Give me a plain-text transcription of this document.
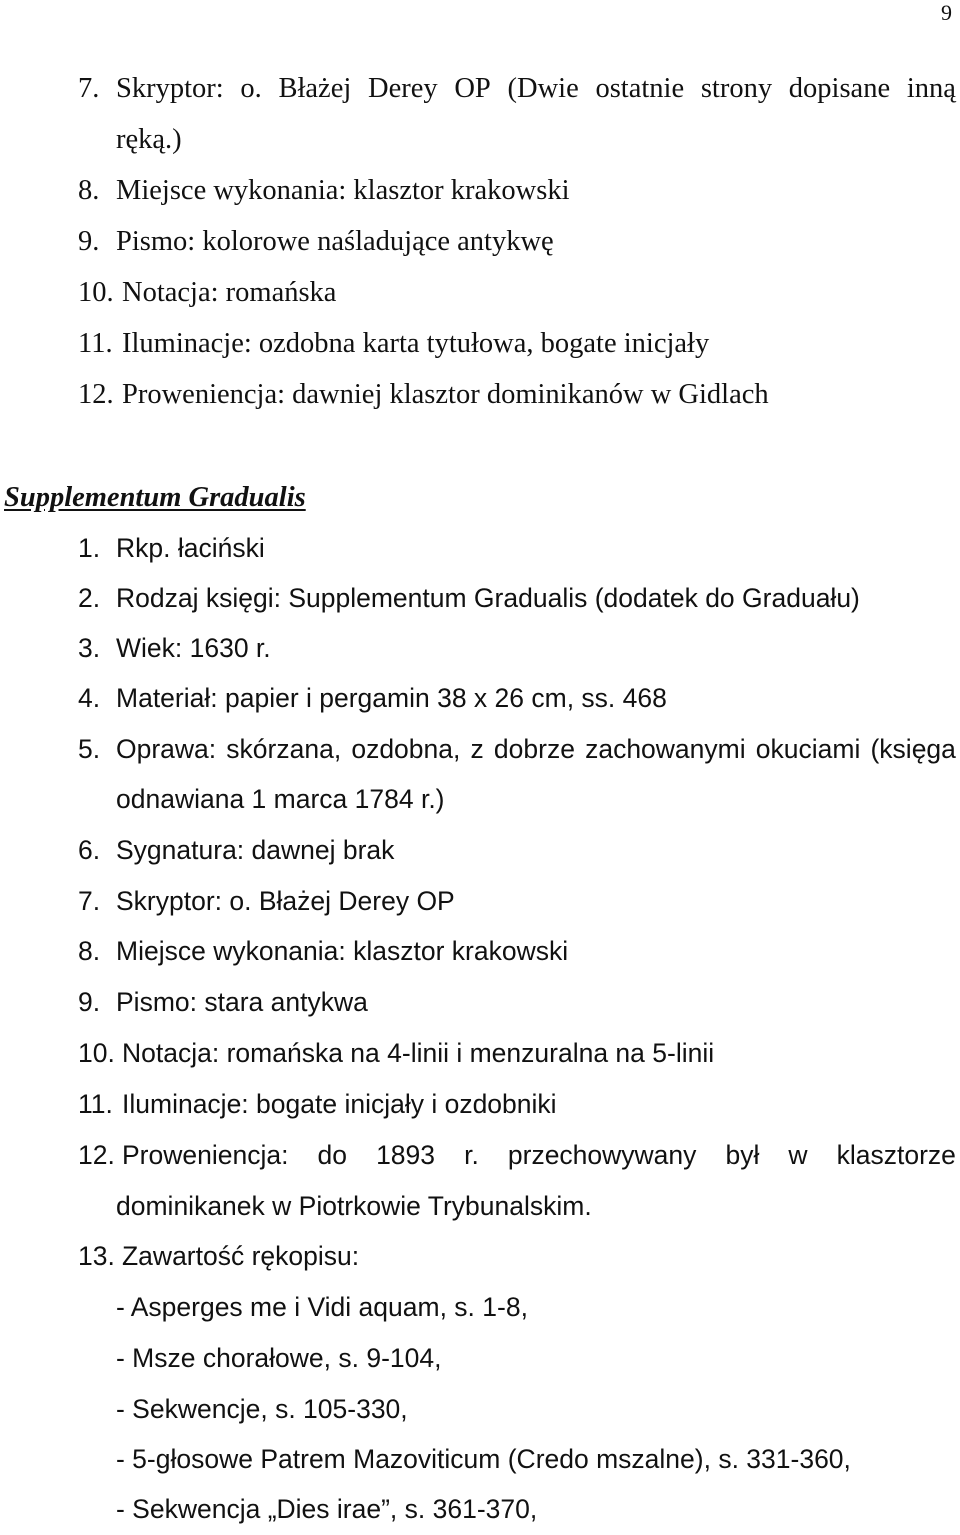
9
7. Skryptor: o. Błażej Derey OP (Dwie ostatnie strony dopisane inną
ręką.)
8. Miejsce wykonania: klasztor krakowski
9. Pismo: kolorowe naśladujące antykwę
10. Notacja: romańska
11. Iluminacje: ozdobna karta tytułowa, bogate inicjały
12. Proweniencja: dawniej klasztor dominikanów w Gidlach
Supplementum Gradualis
1. Rkp. łaciński
2. Rodzaj księgi: Supplementum Gradualis (dodatek do Graduału)
3. Wiek: 1630 r.
4. Materiał: papier i pergamin 38 x 26 cm, ss. 468
5. Oprawa: skórzana, ozdobna, z dobrze zachowanymi okuciami (księga
odnawiana 1 marca 1784 r.)
6. Sygnatura: dawnej brak
7. Skryptor: o. Błażej Derey OP
8. Miejsce wykonania: klasztor krakowski
9. Pismo: stara antykwa
10. Notacja: romańska na 4-linii i menzuralna na 5-linii
11. Iluminacje: bogate inicjały i ozdobniki
12. Proweniencja: do 1893 r. przechowywany był w klasztorze
dominikanek w Piotrkowie Trybunalskim.
13. Zawartość rękopisu:
- Asperges me i Vidi aquam, s. 1-8,
- Msze chorałowe, s. 9-104,
- Sekwencje, s. 105-330,
- 5-głosowe Patrem Mazoviticum (Credo mszalne), s. 331-360,
- Sekwencja „Dies irae”, s. 361-370,
